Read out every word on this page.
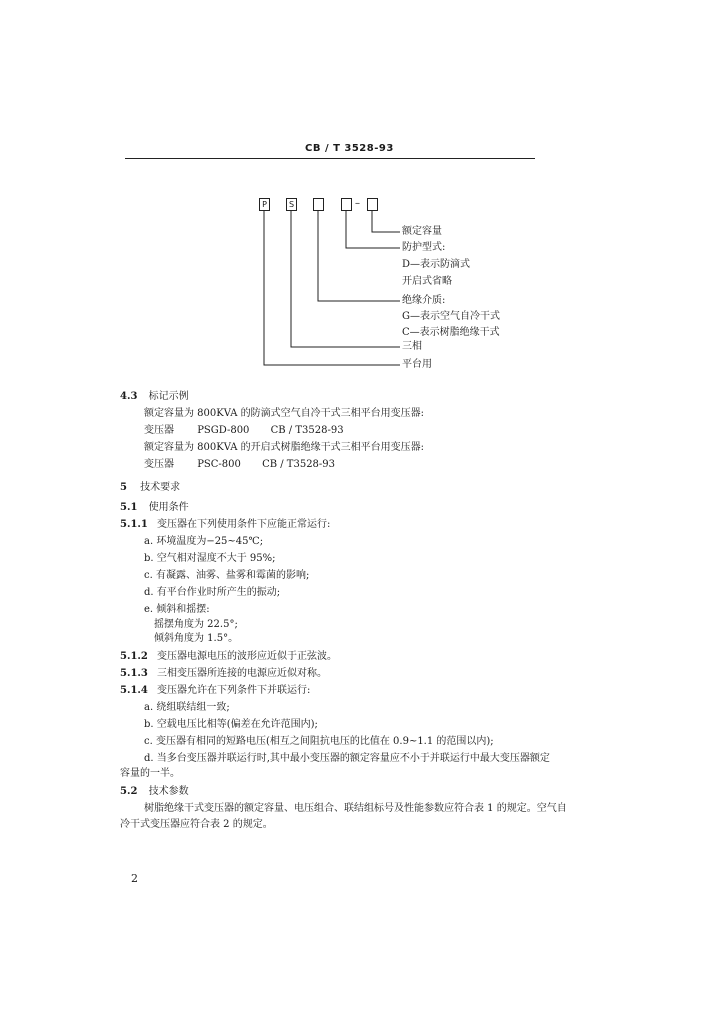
CB / T 3528-93
P	S	–
额定容量
防护型式:
D—表示防滴式
开启式省略
绝缘介质:
G—表示空气自冷干式
C—表示树脂绝缘干式
三相
平台用
4.3 标记示例
额定容量为 800KVA 的防滴式空气自冷干式三相平台用变压器:
变压器 PSGD-800 CB / T3528-93
额定容量为 800KVA 的开启式树脂绝缘干式三相平台用变压器:
变压器 PSC-800 CB / T3528-93
5 技术要求
5.1 使用条件
5.1.1 变压器在下列使用条件下应能正常运行:
a. 环境温度为−25~45℃;
b. 空气相对湿度不大于 95%;
c. 有凝露、油雾、盐雾和霉菌的影响;
d. 有平台作业时所产生的振动;
e. 倾斜和摇摆:
摇摆角度为 22.5°;
倾斜角度为 1.5°。
5.1.2 变压器电源电压的波形应近似于正弦波。
5.1.3 三相变压器所连接的电源应近似对称。
5.1.4 变压器允许在下列条件下并联运行:
a. 绕组联结组一致;
b. 空载电压比相等(偏差在允许范围内);
c. 变压器有相同的短路电压(相互之间阻抗电压的比值在 0.9~1.1 的范围以内);
d. 当多台变压器并联运行时,其中最小变压器的额定容量应不小于并联运行中最大变压器额定
容量的一半。
5.2 技术参数
树脂绝缘干式变压器的额定容量、电压组合、联结组标号及性能参数应符合表 1 的规定。空气自
冷干式变压器应符合表 2 的规定。
2
